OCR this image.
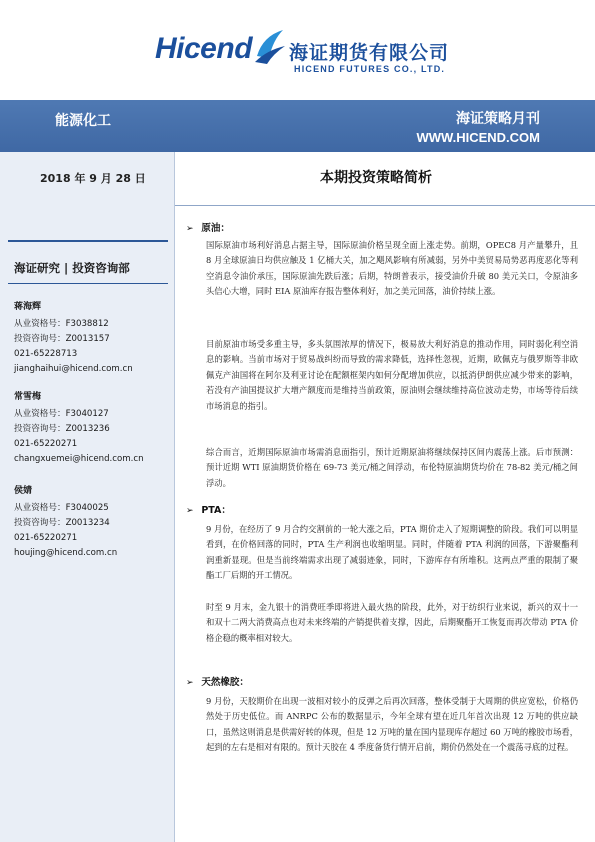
Hicend 海证期货有限公司
HICEND FUTURES CO., LTD.
能源化工	海证策略月刊
WWW.HICEND.COM
2018 年 9 月 28 日	本期投资策略简析
海证研究 | 投资咨询部
蒋海辉
从业资格号：F3038812
投资咨询号：Z0013157
021-65228713
jianghaihui@hicend.com.cn
常雪梅
从业资格号：F3040127
投资咨询号：Z0013236
021-65220271
changxuemei@hicend.com.cn
侯婧
从业资格号：F3040025
投资咨询号：Z0013234
021-65220271
houjing@hicend.com.cn
➢ 原油：

国际原油市场利好消息占据主导，国际原油价格呈现全面上涨走势。前期，OPEC8 月产量攀升，且 8 月全球原油日均供应触及 1 亿桶大关，加之飓风影响有所减弱，另外中美贸易局势恶再度恶化等利空消息令油价承压，国际原油先跌后涨；后期，特朗普表示，接受油价升破 80 美元关口，令原油多头信心大增，同时 EIA 原油库存报告整体利好，加之美元回落，油价持续上涨。

目前原油市场受多重主导，多头氛围浓厚的情况下，极易放大利好消息的推动作用，同时弱化利空消息的影响。当前市场对于贸易战纠纷而导致的需求降低，选择性忽视，近期，欧佩克与俄罗斯等非欧佩克产油国将在阿尔及利亚讨论在配额框架内如何分配增加供应，以抵消伊朗供应减少带来的影响，若没有产油国提议扩大增产额度而是维持当前政策，原油则会继续维持高位波动走势，市场等待后续市场消息的指引。

综合而言，近期国际原油市场需消息面指引，预计近期原油将继续保持区间内震荡上涨。后市预测：预计近期 WTI 原油期货价格在 69-73 美元/桶之间浮动，布伦特原油期货均价在 78-82 美元/桶之间浮动。

➢ PTA：

9 月份，在经历了 9 月合约交割前的一轮大涨之后，PTA 期价走入了短期调整的阶段。我们可以明显看到，在价格回落的同时，PTA 生产利润也收缩明显。同时，伴随着 PTA 利润的回落，下游聚酯利润重新显现。但是当前终端需求出现了减弱迹象，同时，下游库存有所堆积。这两点严重的限制了聚酯工厂后期的开工情况。

时至 9 月末，金九银十的消费旺季即将进入最火热的阶段，此外，对于纺织行业来说，新兴的双十一和双十二两大消费高点也对未来终端的产销提供着支撑，因此，后期聚酯开工恢复而再次带动 PTA 价格企稳的概率相对较大。

➢ 天然橡胶：

9 月份，天胶期价在出现一波相对较小的反弹之后再次回落，整体受制于大周期的供应宽松，价格仍然处于历史低位。而 ANRPC 公布的数据显示，今年全球有望在近几年首次出现 12 万吨的供应缺口，虽然这则消息是供需好转的体现，但是 12 万吨的量在国内显现库存超过 60 万吨的橡胶市场看，起到的左右是相对有限的。预计天胶在 4 季度备货行情开启前，期价仍然处在一个震荡寻底的过程。
